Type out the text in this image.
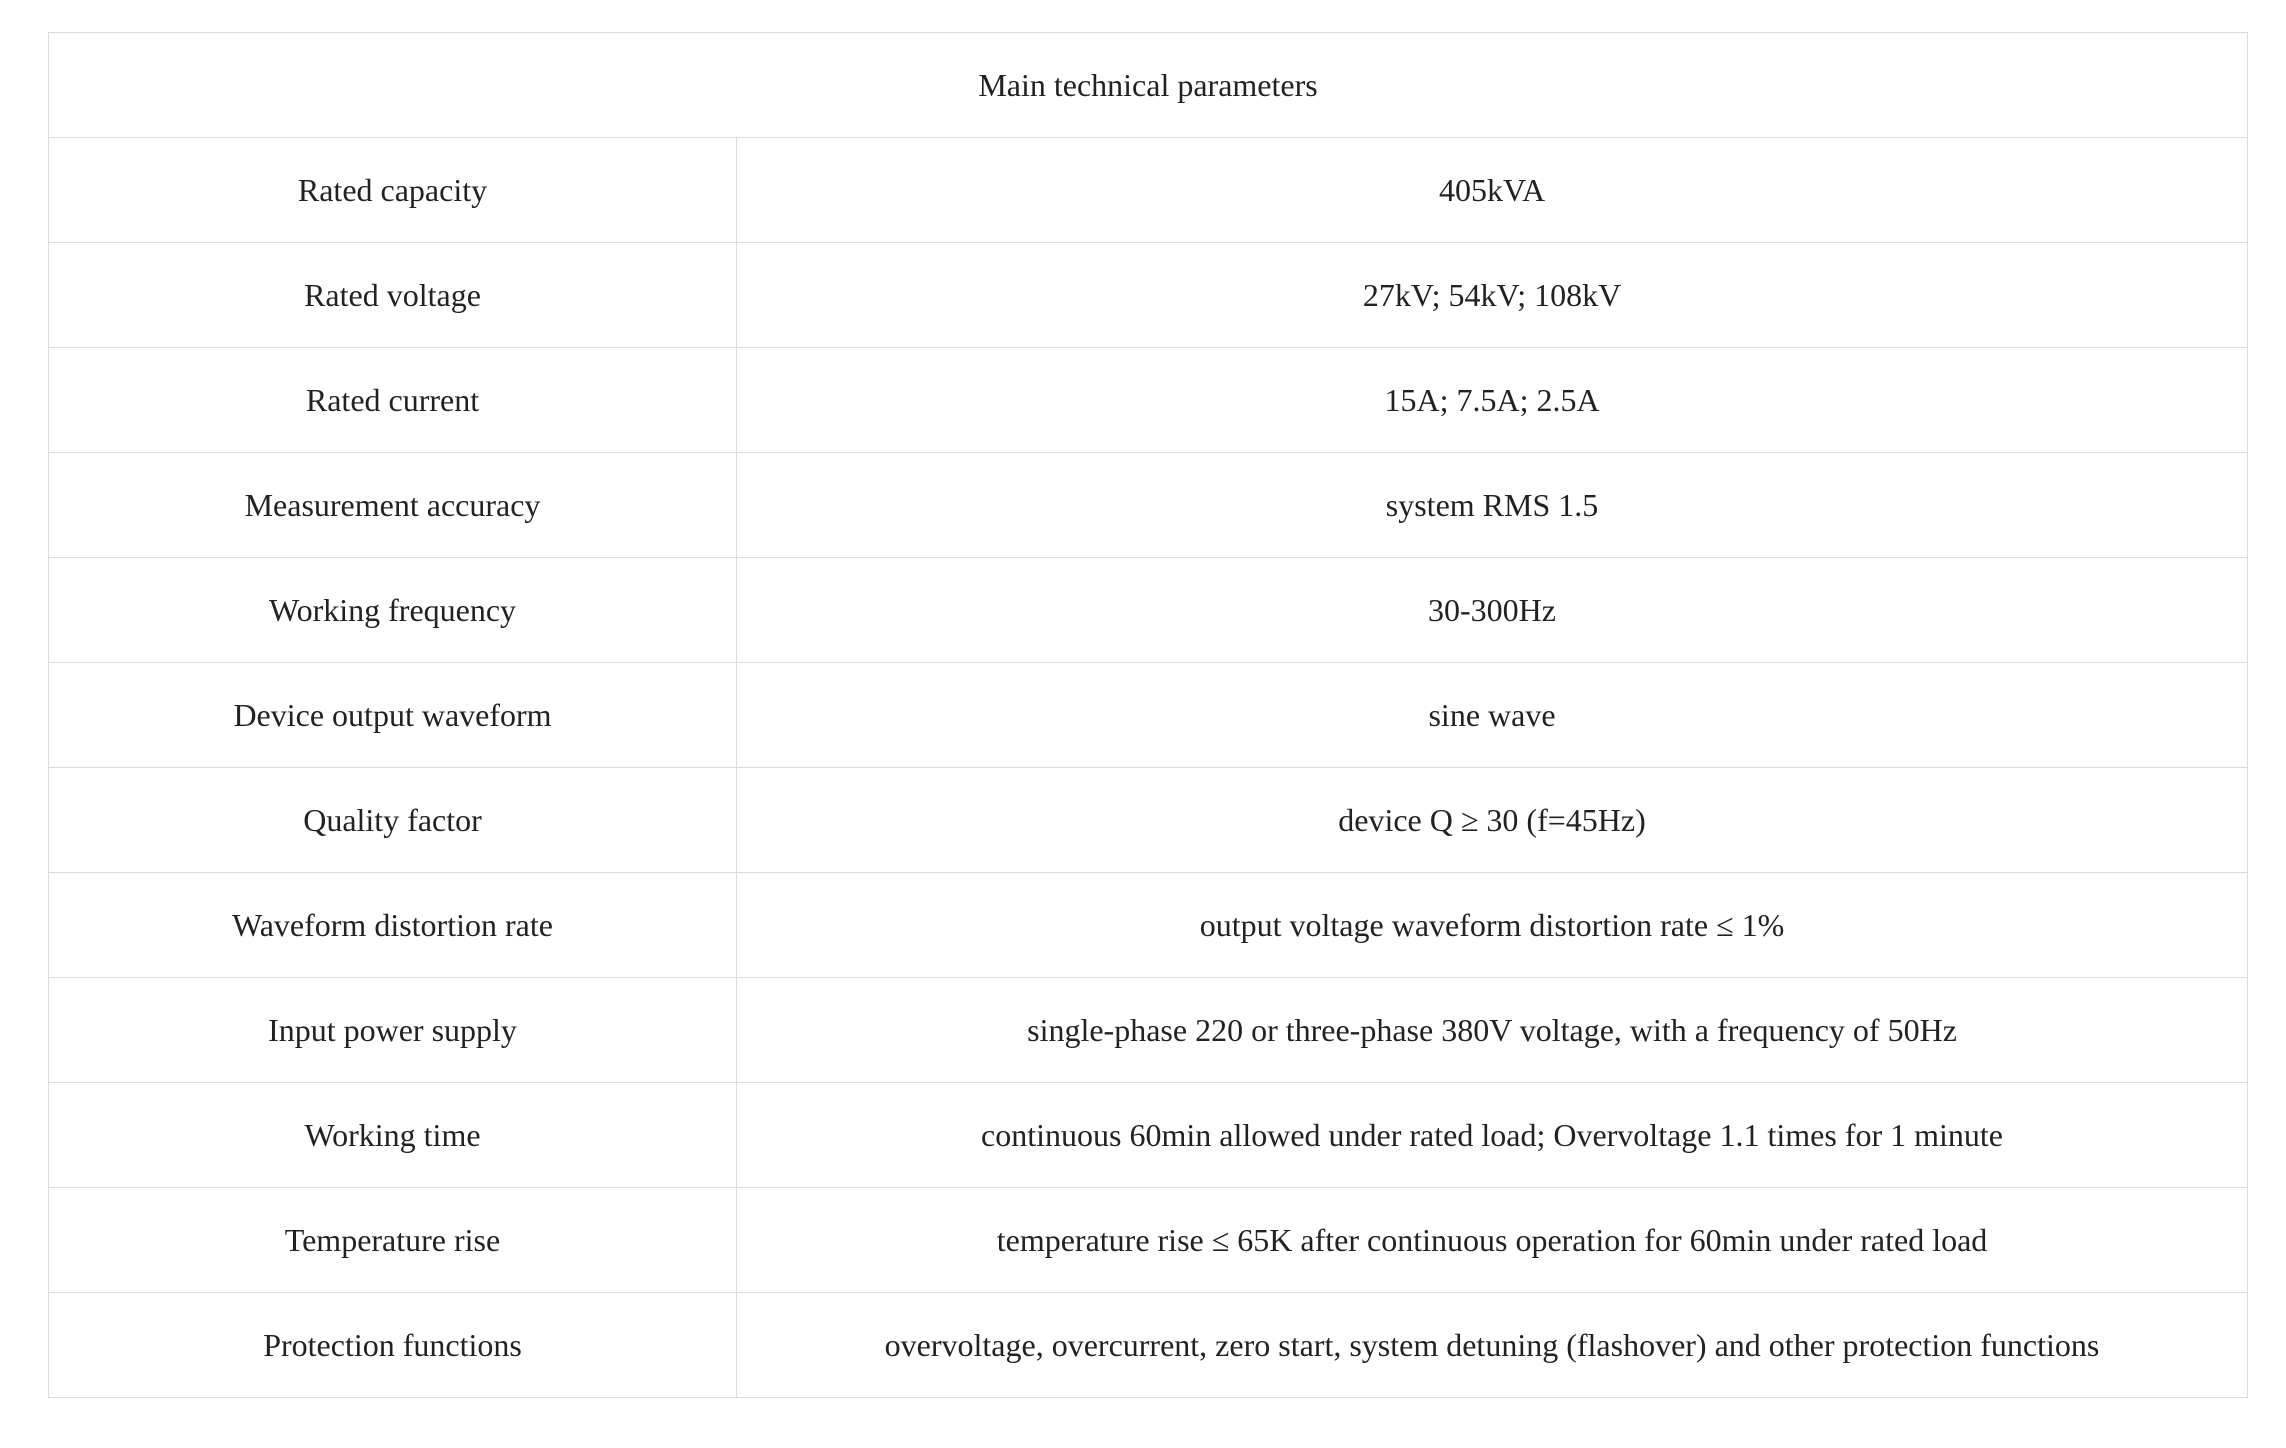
Main technical parameters	
Rated capacity	405kVA
Rated voltage	27kV; 54kV; 108kV
Rated current	15A; 7.5A; 2.5A
Measurement accuracy	system RMS 1.5
Working frequency	30-300Hz
Device output waveform	sine wave
Quality factor	device Q ≥ 30 (f=45Hz)
Waveform distortion rate	output voltage waveform distortion rate ≤ 1%
Input power supply	single-phase 220 or three-phase 380V voltage, with a frequency of 50Hz
Working time	continuous 60min allowed under rated load; Overvoltage 1.1 times for 1 minute
Temperature rise	temperature rise ≤ 65K after continuous operation for 60min under rated load
Protection functions	overvoltage, overcurrent, zero start, system detuning (flashover) and other protection functions
